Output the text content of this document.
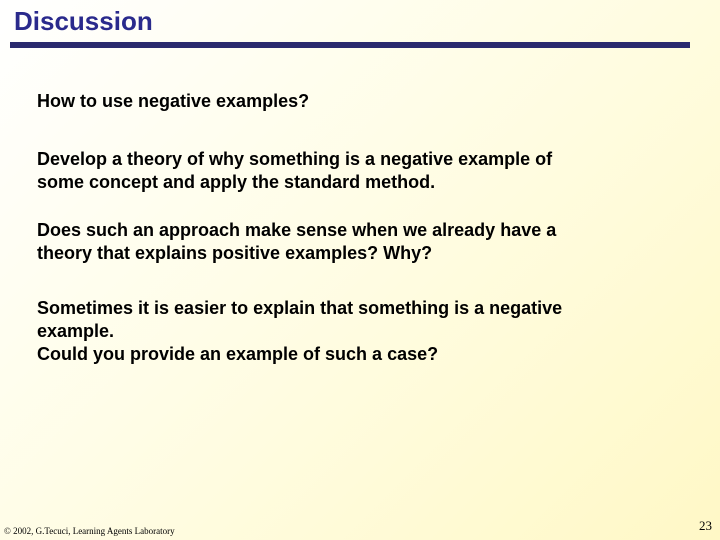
Discussion

How to use negative examples?

Develop a theory of why something is a negative example of
some concept and apply the standard method.

Does such an approach make sense when we already have a
theory that explains positive examples? Why?

Sometimes it is easier to explain that something is a negative
example.
Could you provide an example of such a case?

© 2002, G.Tecuci, Learning Agents Laboratory	23
